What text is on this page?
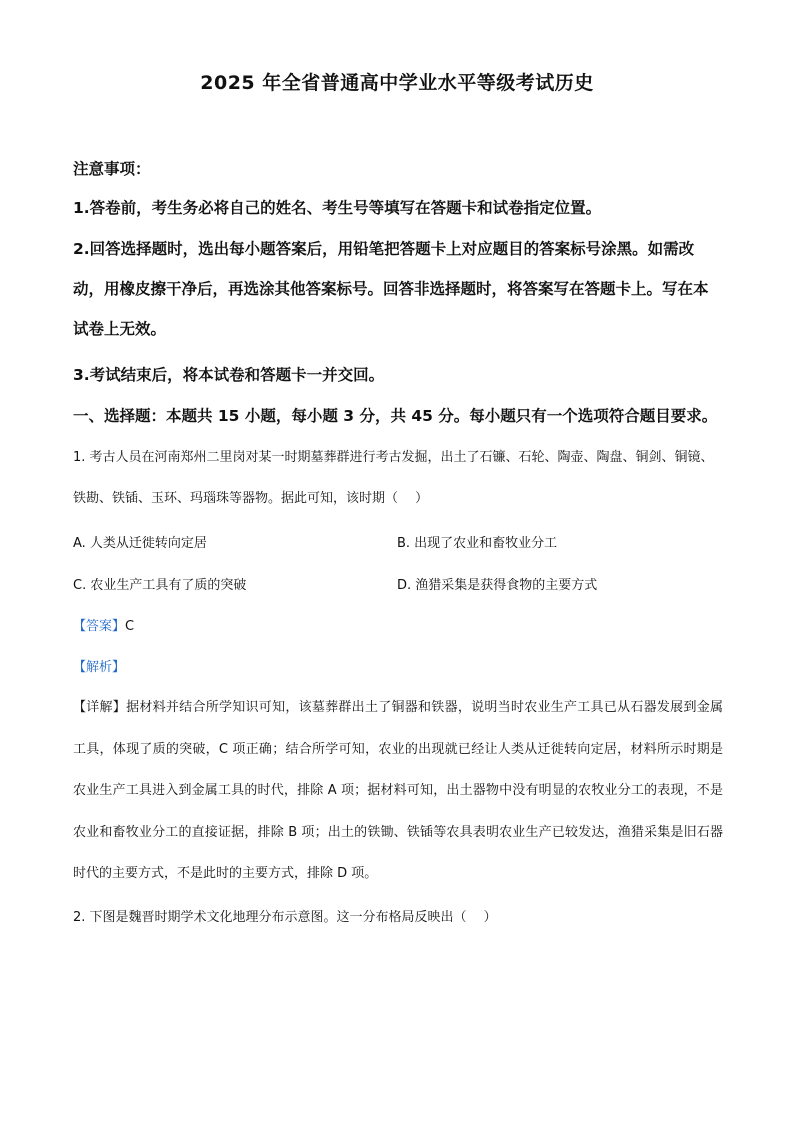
2025 年全省普通高中学业水平等级考试历史
注意事项：
1.答卷前，考生务必将自己的姓名、考生号等填写在答题卡和试卷指定位置。
2.回答选择题时，选出每小题答案后，用铅笔把答题卡上对应题目的答案标号涂黑。如需改动，用橡皮擦干净后，再选涂其他答案标号。回答非选择题时，将答案写在答题卡上。写在本试卷上无效。
3.考试结束后，将本试卷和答题卡一并交回。
一、选择题：本题共 15 小题，每小题 3 分，共 45 分。每小题只有一个选项符合题目要求。
1. 考古人员在河南郑州二里岗对某一时期墓葬群进行考古发掘，出土了石镰、石轮、陶壶、陶盘、铜剑、铜镜、铁勘、铁锸、玉环、玛瑙珠等器物。据此可知，该时期（　 ）
A. 人类从迁徙转向定居	B. 出现了农业和畜牧业分工
C. 农业生产工具有了质的突破	D. 渔猎采集是获得食物的主要方式
【答案】C
【解析】
【详解】据材料并结合所学知识可知，该墓葬群出土了铜器和铁器，说明当时农业生产工具已从石器发展到金属工具，体现了质的突破，C 项正确；结合所学可知，农业的出现就已经让人类从迁徙转向定居，材料所示时期是农业生产工具进入到金属工具的时代，排除 A 项；据材料可知，出土器物中没有明显的农牧业分工的表现，不是农业和畜牧业分工的直接证据，排除 B 项；出土的铁锄、铁锸等农具表明农业生产已较发达，渔猎采集是旧石器时代的主要方式，不是此时的主要方式，排除 D 项。
2. 下图是魏晋时期学术文化地理分布示意图。这一分布格局反映出（　 ）
